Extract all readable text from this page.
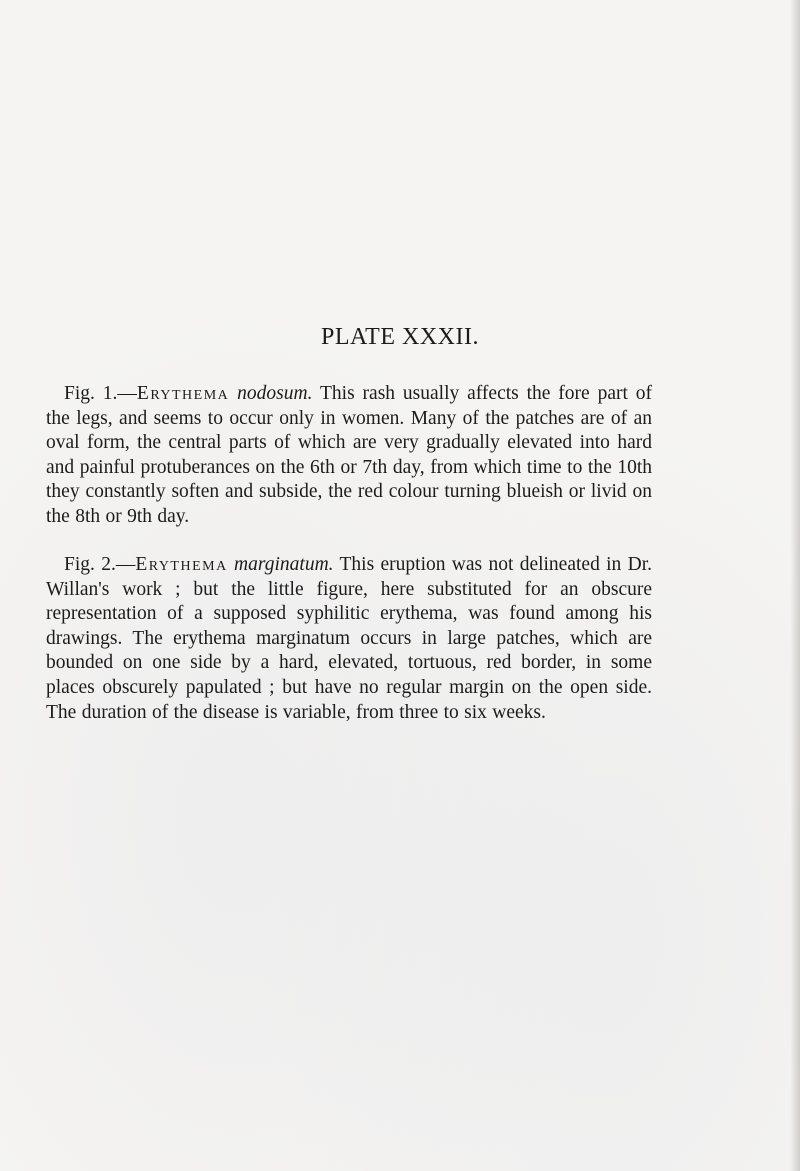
PLATE XXXII.

Fig. 1.—Erythema nodosum. This rash usually affects the fore part of the legs, and seems to occur only in women. Many of the patches are of an oval form, the central parts of which are very gradually elevated into hard and painful protuberances on the 6th or 7th day, from which time to the 10th they constantly soften and subside, the red colour turning blueish or livid on the 8th or 9th day.

Fig. 2.—Erythema marginatum. This eruption was not delineated in Dr. Willan's work ; but the little figure, here substituted for an obscure representation of a supposed syphilitic erythema, was found among his drawings. The erythema marginatum occurs in large patches, which are bounded on one side by a hard, elevated, tortuous, red border, in some places obscurely papulated ; but have no regular margin on the open side. The duration of the disease is variable, from three to six weeks.
